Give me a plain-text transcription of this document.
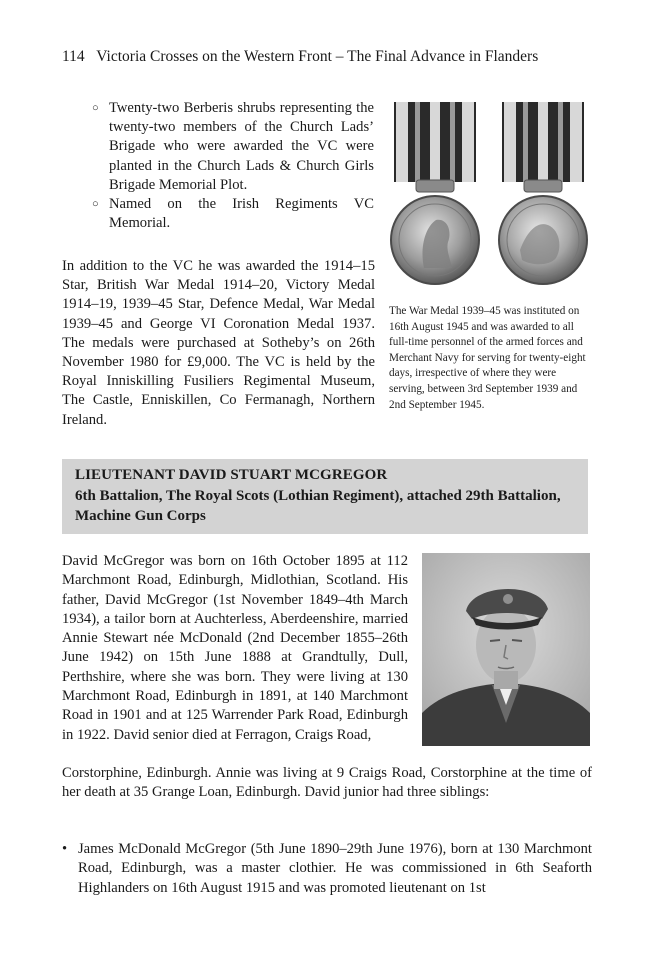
114 Victoria Crosses on the Western Front – The Final Advance in Flanders
○ Twenty-two Berberis shrubs representing the twenty-two members of the Church Lads’ Brigade who were awarded the VC were planted in the Church Lads & Church Girls Brigade Memorial Plot.
○ Named on the Irish Regiments VC Memorial.

In addition to the VC he was awarded the 1914–15 Star, British War Medal 1914–20, Victory Medal 1914–19, 1939–45 Star, Defence Medal, War Medal 1939–45 and George VI Coronation Medal 1937. The medals were purchased at Sotheby’s on 26th November 1980 for £9,000. The VC is held by the Royal Inniskilling Fusiliers Regimental Museum, The Castle, Enniskillen, Co Fermanagh, Northern Ireland.

The War Medal 1939–45 was instituted on 16th August 1945 and was awarded to all full-time personnel of the armed forces and Merchant Navy for serving for twenty-eight days, irrespective of where they were serving, between 3rd September 1939 and 2nd September 1945.

LIEUTENANT DAVID STUART MCGREGOR
6th Battalion, The Royal Scots (Lothian Regiment), attached 29th Battalion, Machine Gun Corps

David McGregor was born on 16th October 1895 at 112 Marchmont Road, Edinburgh, Midlothian, Scotland. His father, David McGregor (1st November 1849–4th March 1934), a tailor born at Auchterless, Aberdeenshire, married Annie Stewart née McDonald (2nd December 1855–26th June 1942) on 15th June 1888 at Grandtully, Dull, Perthshire, where she was born. They were living at 130 Marchmont Road, Edinburgh in 1891, at 140 Marchmont Road in 1901 and at 125 Warrender Park Road, Edinburgh in 1922. David senior died at Ferragon, Craigs Road,

Corstorphine, Edinburgh. Annie was living at 9 Craigs Road, Corstorphine at the time of her death at 35 Grange Loan, Edinburgh. David junior had three siblings:

• James McDonald McGregor (5th June 1890–29th June 1976), born at 130 Marchmont Road, Edinburgh, was a master clothier. He was commissioned in 6th Seaforth Highlanders on 16th August 1915 and was promoted lieutenant on 1st
